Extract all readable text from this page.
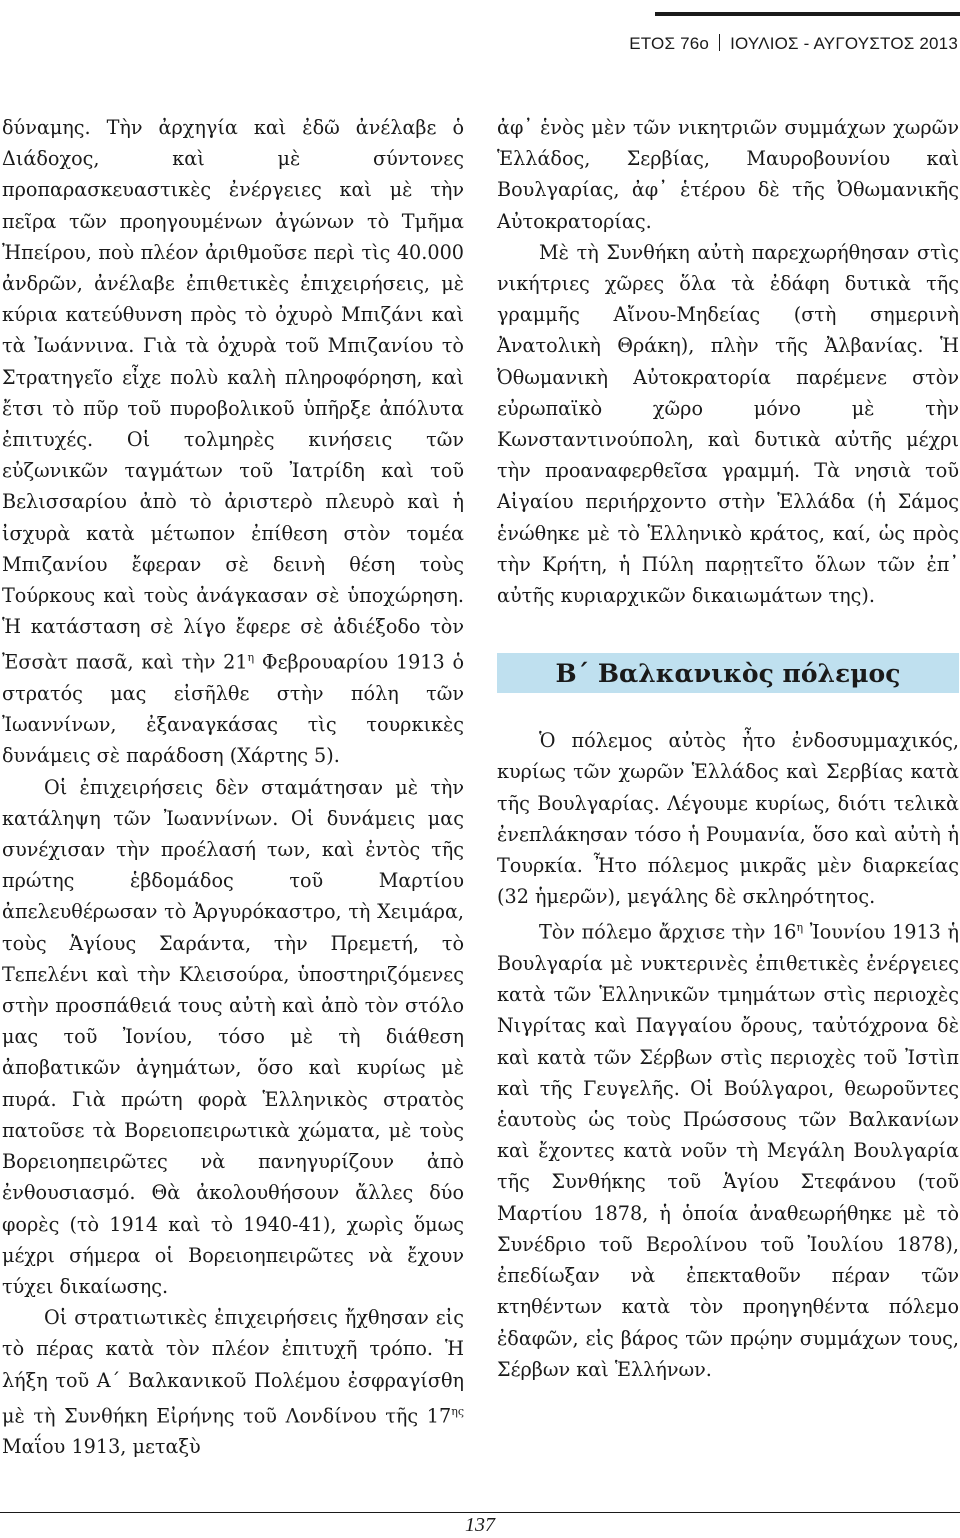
ΕΤΟΣ 76ο ΙΟΥΛΙΟΣ - ΑΥΓΟΥΣΤΟΣ 2013

δύναμης. Τὴν ἀρχηγία καὶ ἐδῶ ἀνέλαβε ὁ Διάδοχος, καὶ μὲ σύντονες προπαρασκευαστικὲς ἐνέργειες καὶ μὲ τὴν πεῖρα τῶν προηγουμένων ἀγώνων τὸ Τμῆμα Ἠπείρου, ποὺ πλέον ἀριθμοῦσε περὶ τὶς 40.000 ἀνδρῶν, ἀνέλαβε ἐπιθετικὲς ἐπιχειρήσεις, μὲ κύρια κατεύθυνση πρὸς τὸ ὀχυρὸ Μπιζάνι καὶ τὰ Ἰωάννινα. Γιὰ τὰ ὀχυρὰ τοῦ Μπιζανίου τὸ Στρατηγεῖο εἶχε πολὺ καλὴ πληροφόρηση, καὶ ἔτσι τὸ πῦρ τοῦ πυροβολικοῦ ὑπῆρξε ἀπόλυτα ἐπιτυχές. Οἱ τολμηρὲς κινήσεις τῶν εὐζωνικῶν ταγμάτων τοῦ Ἰατρίδη καὶ τοῦ Βελισσαρίου ἀπὸ τὸ ἀριστερὸ πλευρὸ καὶ ἡ ἰσχυρὰ κατὰ μέτωπον ἐπίθεση στὸν τομέα Μπιζανίου ἔφεραν σὲ δεινὴ θέση τοὺς Τούρκους καὶ τοὺς ἀνάγκασαν σὲ ὑποχώρηση. Ἡ κατάσταση σὲ λίγο ἔφερε σὲ ἀδιέξοδο τὸν Ἐσσὰτ πασᾶ, καὶ τὴν $21^\eta$ Φεβρουαρίου 1913 ὁ στρατός μας εἰσῆλθε στὴν πόλη τῶν Ἰωαννίνων, ἐξαναγκάσας τὶς τουρκικὲς δυνάμεις σὲ παράδοση (Χάρτης 5).

Οἱ ἐπιχειρήσεις δὲν σταμάτησαν μὲ τὴν κατάληψη τῶν Ἰωαννίνων. Οἱ δυνάμεις μας συνέχισαν τὴν προέλασή των, καὶ ἐντὸς τῆς πρώτης ἑβδομάδος τοῦ Μαρτίου ἀπελευθέρωσαν τὸ Ἀργυρόκαστρο, τὴ Χειμάρα, τοὺς Ἁγίους Σαράντα, τὴν Πρεμετή, τὸ Τεπελένι καὶ τὴν Κλεισούρα, ὑποστηριζόμενες στὴν προσπάθειά τους αὐτὴ καὶ ἀπὸ τὸν στόλο μας τοῦ Ἰονίου, τόσο μὲ τὴ διάθεση ἀποβατικῶν ἀγημάτων, ὅσο καὶ κυρίως μὲ πυρά. Γιὰ πρώτη φορὰ Ἑλληνικὸς στρατὸς πατοῦσε τὰ Βορειοπειρωτικὰ χώματα, μὲ τοὺς Βορειοηπειρῶτες νὰ πανηγυρίζουν ἀπὸ ἐνθουσιασμό. Θὰ ἀκολουθήσουν ἄλλες δύο φορὲς (τὸ 1914 καὶ τὸ 1940-41), χωρὶς ὅμως μέχρι σήμερα οἱ Βορειοηπειρῶτες νὰ ἔχουν τύχει δικαίωσης.

Οἱ στρατιωτικὲς ἐπιχειρήσεις ἤχθησαν εἰς τὸ πέρας κατὰ τὸν πλέον ἐπιτυχῆ τρόπο. Ἡ λήξη τοῦ Α΄ Βαλκανικοῦ Πολέμου ἐσφραγίσθη μὲ τὴ Συνθήκη Εἰρήνης τοῦ Λονδίνου τῆς $17^{\eta\varsigma}$ Μαΐου 1913, μεταξὺ

ἀφ᾽ ἑνὸς μὲν τῶν νικητριῶν συμμάχων χωρῶν Ἑλλάδος, Σερβίας, Μαυροβουνίου καὶ Βουλγαρίας, ἀφ᾽ ἑτέρου δὲ τῆς Ὀθωμανικῆς Αὐτοκρατορίας.

Μὲ τὴ Συνθήκη αὐτὴ παρεχωρήθησαν στὶς νικήτριες χῶρες ὅλα τὰ ἐδάφη δυτικὰ τῆς γραμμῆς Αἴνου-Μηδείας (στὴ σημερινὴ Ἀνατολικὴ Θράκη), πλὴν τῆς Ἀλβανίας. Ἡ Ὀθωμανικὴ Αὐτοκρατορία παρέμενε στὸν εὐρωπαϊκὸ χῶρο μόνο μὲ τὴν Κωνσταντινούπολη, καὶ δυτικὰ αὐτῆς μέχρι τὴν προαναφερθεῖσα γραμμή. Τὰ νησιὰ τοῦ Αἰγαίου περιήρχοντο στὴν Ἑλλάδα (ἡ Σάμος ἑνώθηκε μὲ τὸ Ἑλληνικὸ κράτος, καί, ὡς πρὸς τὴν Κρήτη, ἡ Πύλη παρῃτεῖτο ὅλων τῶν ἐπ᾽ αὐτῆς κυριαρχικῶν δικαιωμάτων της).

Β΄ Βαλκανικὸς πόλεμος

Ὁ πόλεμος αὐτὸς ἦτο ἐνδοσυμμαχικός, κυρίως τῶν χωρῶν Ἑλλάδος καὶ Σερβίας κατὰ τῆς Βουλγαρίας. Λέγουμε κυρίως, διότι τελικὰ ἐνεπλάκησαν τόσο ἡ Ρουμανία, ὅσο καὶ αὐτὴ ἡ Τουρκία. Ἦτο πόλεμος μικρᾶς μὲν διαρκείας (32 ἡμερῶν), μεγάλης δὲ σκληρότητος.

Τὸν πόλεμο ἄρχισε τὴν $16^\eta$ Ἰουνίου 1913 ἡ Βουλγαρία μὲ νυκτερινὲς ἐπιθετικὲς ἐνέργειες κατὰ τῶν Ἑλληνικῶν τμημάτων στὶς περιοχὲς Νιγρίτας καὶ Παγγαίου ὄρους, ταὐτόχρονα δὲ καὶ κατὰ τῶν Σέρβων στὶς περιοχὲς τοῦ Ἰστὶπ καὶ τῆς Γευγελῆς. Οἱ Βούλγαροι, θεωροῦντες ἑαυτοὺς ὡς τοὺς Πρώσσους τῶν Βαλκανίων καὶ ἔχοντες κατὰ νοῦν τὴ Μεγάλη Βουλγαρία τῆς Συνθήκης τοῦ Ἁγίου Στεφάνου (τοῦ Μαρτίου 1878, ἡ ὁποία ἀναθεωρήθηκε μὲ τὸ Συνέδριο τοῦ Βερολίνου τοῦ Ἰουλίου 1878), ἐπεδίωξαν νὰ ἐπεκταθοῦν πέραν τῶν κτηθέντων κατὰ τὸν προηγηθέντα πόλεμο ἐδαφῶν, εἰς βάρος τῶν πρῴην συμμάχων τους, Σέρβων καὶ Ἑλλήνων.

137
